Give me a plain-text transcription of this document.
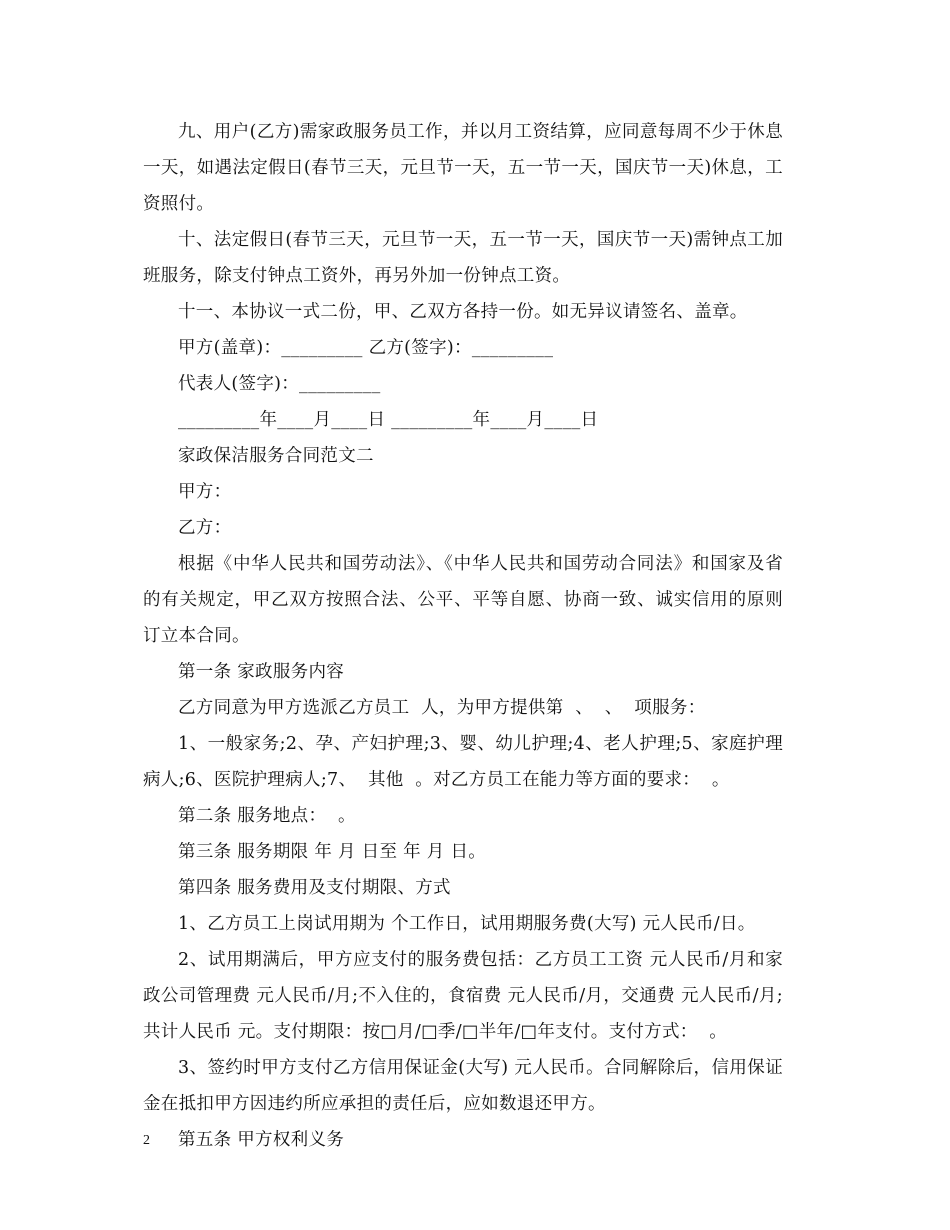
九、用户(乙方)需家政服务员工作，并以月工资结算，应同意每周不少于休息一天，如遇法定假日(春节三天，元旦节一天，五一节一天，国庆节一天)休息，工资照付。

十、法定假日(春节三天，元旦节一天，五一节一天，国庆节一天)需钟点工加班服务，除支付钟点工资外，再另外加一份钟点工资。

十一、本协议一式二份，甲、乙双方各持一份。如无异议请签名、盖章。

甲方(盖章)：_________ 乙方(签字)：_________

代表人(签字)：_________

_________年____月____日 _________年____月____日

家政保洁服务合同范文二

甲方：

乙方：

根据《中华人民共和国劳动法》、《中华人民共和国劳动合同法》和国家及省的有关规定，甲乙双方按照合法、公平、平等自愿、协商一致、诚实信用的原则订立本合同。

第一条 家政服务内容

乙方同意为甲方选派乙方员工  人，为甲方提供第  、  、  项服务：

1、一般家务;2、孕、产妇护理;3、婴、幼儿护理;4、老人护理;5、家庭护理病人;6、医院护理病人;7、  其他  。对乙方员工在能力等方面的要求：  。

第二条 服务地点：  。

第三条 服务期限 年 月 日至 年 月 日。

第四条 服务费用及支付期限、方式

1、乙方员工上岗试用期为 个工作日，试用期服务费(大写) 元人民币/日。

2、试用期满后，甲方应支付的服务费包括：乙方员工工资 元人民币/月和家政公司管理费 元人民币/月;不入住的，食宿费 元人民币/月，交通费 元人民币/月;共计人民币 元。支付期限：按□月/□季/□半年/□年支付。支付方式：  。

3、签约时甲方支付乙方信用保证金(大写) 元人民币。合同解除后，信用保证金在抵扣甲方因违约所应承担的责任后，应如数退还甲方。

第五条 甲方权利义务

2
